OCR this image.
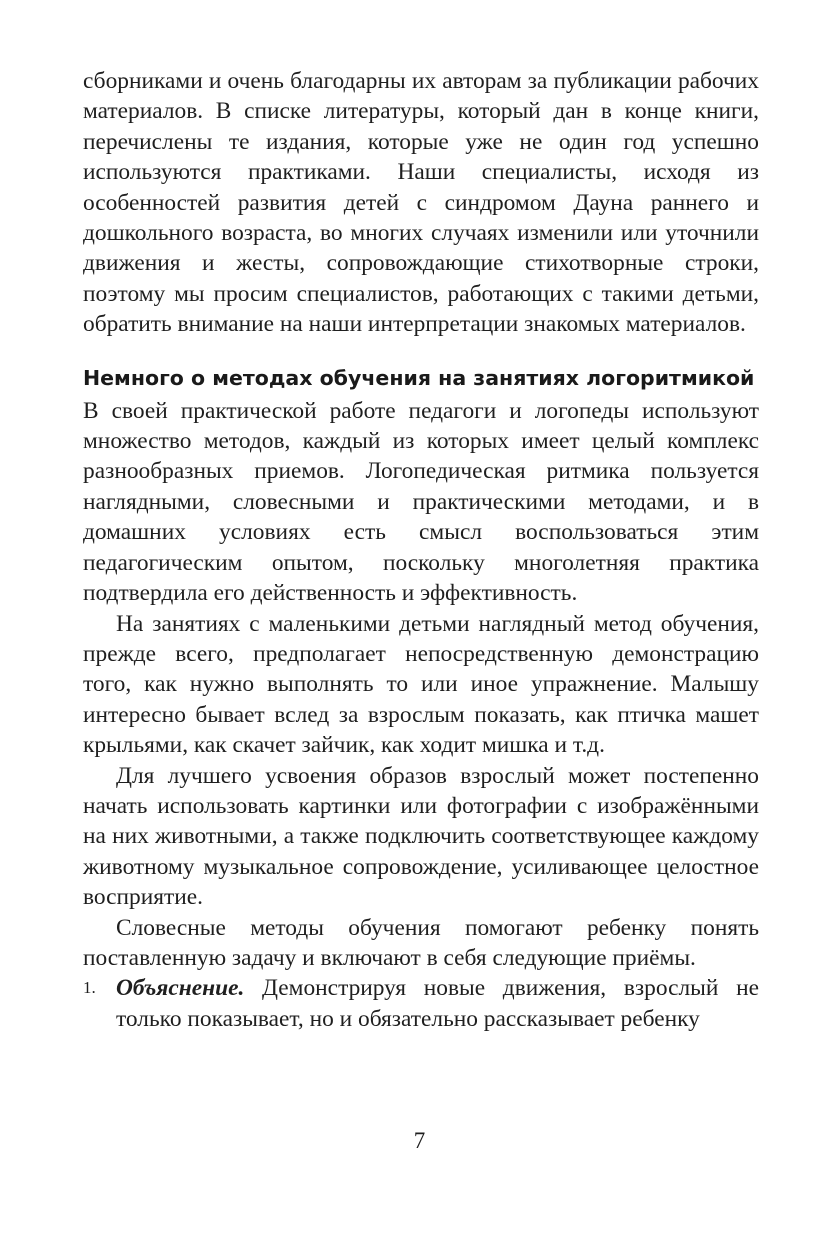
сборниками и очень благодарны их авторам за публикации рабочих материалов. В списке литературы, который дан в конце книги, перечислены те издания, которые уже не один год успешно используются практиками. Наши специалисты, исходя из особенностей развития детей с синдромом Дауна раннего и дошкольного возраста, во многих случаях изменили или уточнили движения и жесты, сопровождающие стихотворные строки, поэтому мы просим специалистов, работающих с такими детьми, обратить внимание на наши интерпретации знакомых материалов.

Немного о методах обучения на занятиях логоритмикой

В своей практической работе педагоги и логопеды используют множество методов, каждый из которых имеет целый комплекс разнообразных приемов. Логопедическая ритмика пользуется наглядными, словесными и практическими методами, и в домашних условиях есть смысл воспользоваться этим педагогическим опытом, поскольку многолетняя практика подтвердила его действенность и эффективность.

На занятиях с маленькими детьми наглядный метод обучения, прежде всего, предполагает непосредственную демонстрацию того, как нужно выполнять то или иное упражнение. Малышу интересно бывает вслед за взрослым показать, как птичка машет крыльями, как скачет зайчик, как ходит мишка и т.д.

Для лучшего усвоения образов взрослый может постепенно начать использовать картинки или фотографии с изображёнными на них животными, а также подключить соответствующее каждому животному музыкальное сопровождение, усиливающее целостное восприятие.

Словесные методы обучения помогают ребенку понять поставленную задачу и включают в себя следующие приёмы.

1. Объяснение. Демонстрируя новые движения, взрослый не только показывает, но и обязательно рассказывает ребенку
7
